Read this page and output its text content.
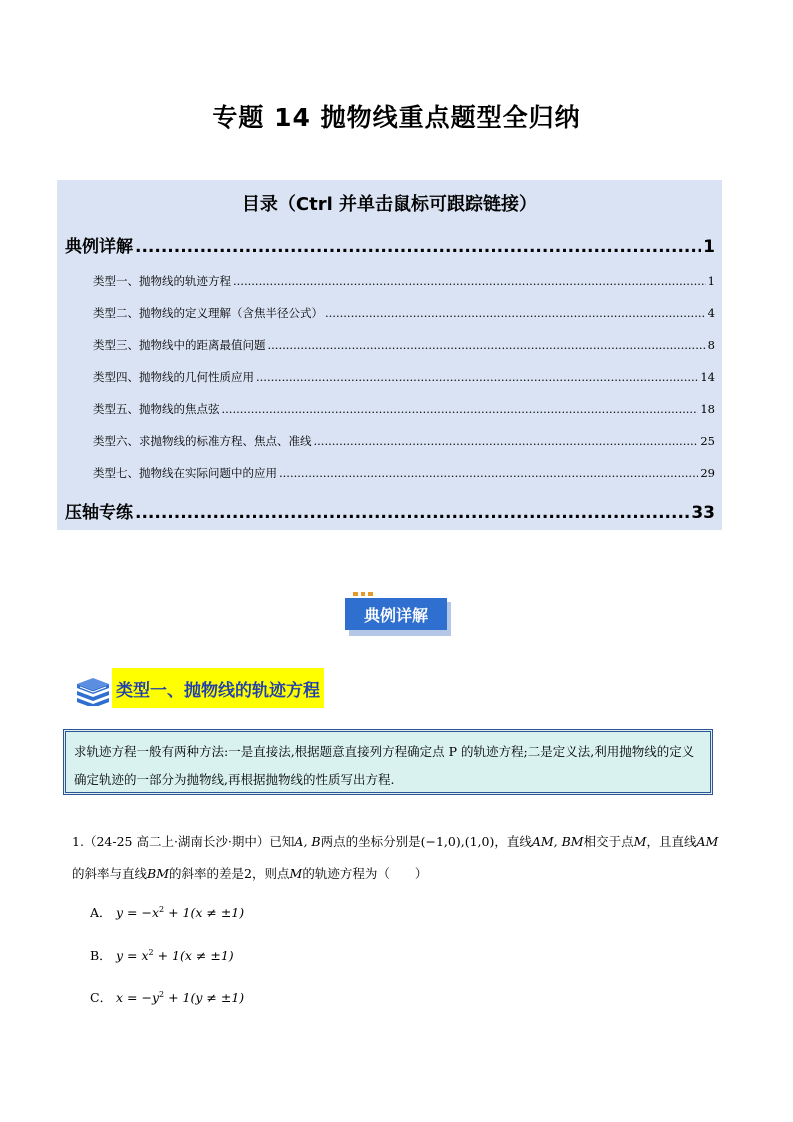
专题 14 抛物线重点题型全归纳
目录（Ctrl 并单击鼠标可跟踪链接）
典例详解 .....	1
类型一、抛物线的轨迹方程 .....	1
类型二、抛物线的定义理解（含焦半径公式） .....	4
类型三、抛物线中的距离最值问题 .....	8
类型四、抛物线的几何性质应用 .....	14
类型五、抛物线的焦点弦 .....	18
类型六、求抛物线的标准方程、焦点、准线 .....	25
类型七、抛物线在实际问题中的应用 .....	29
压轴专练 .....	33
典例详解
类型一、抛物线的轨迹方程
求轨迹方程一般有两种方法:一是直接法,根据题意直接列方程确定点 P 的轨迹方程;二是定义法,利用抛物线的定义确定轨迹的一部分为抛物线,再根据抛物线的性质写出方程.
1.（24-25 高二上·湖南长沙·期中）已知A, B两点的坐标分别是(−1,0),(1,0)，直线AM, BM相交于点M，且直线AM的斜率与直线BM的斜率的差是2，则点M的轨迹方程为（　　）
A． $y = -x^2 + 1(x \ne \pm 1)$
B． $y = x^2 + 1(x \ne \pm 1)$
C． $x = -y^2 + 1(y \ne \pm 1)$
